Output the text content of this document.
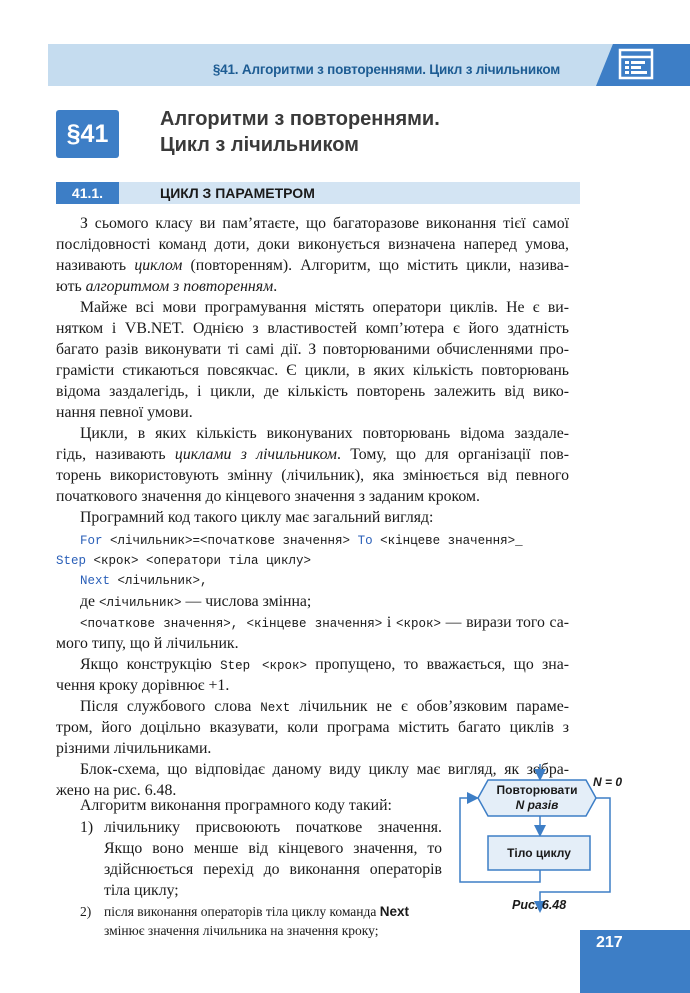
§41. Алгоритми з повтореннями. Цикл з лічильником
§41
Алгоритми з повтореннями.
Цикл з лічильником
41.1.	ЦИКЛ З ПАРАМЕТРОМ
З сьомого класу ви пам’ятаєте, що багаторазове виконання тієї самої
послідовності команд доти, доки виконується визначена наперед умова,
називають циклом (повторенням). Алгоритм, що містить цикли, назива-
ють алгоритмом з повторенням.
Майже всі мови програмування містять оператори циклів. Не є ви-
нятком і VB.NET. Однією з властивостей комп’ютера є його здатність
багато разів виконувати ті самі дії. З повторюваними обчисленнями про-
грамісти стикаються повсякчас. Є цикли, в яких кількість повторювань
відома заздалегідь, і цикли, де кількість повторень залежить від вико-
нання певної умови.
Цикли, в яких кількість виконуваних повторювань відома заздале-
гідь, називають циклами з лічильником. Тому, що для організації пов-
торень використовують змінну (лічильник), яка змінюється від певного
початкового значення до кінцевого значення з заданим кроком.
Програмний код такого циклу має загальний вигляд:
For <лічильник>=<початкове значення> To <кінцеве значення>_
Step <крок> <оператори тіла циклу>
Next <лічильник>,
де <лічильник> — числова змінна;
<початкове значення>, <кінцеве значення> і <крок> — вирази того са-
мого типу, що й лічильник.
Якщо конструкцію Step <крок> пропущено, то вважається, що зна-
чення кроку дорівнює +1.
Після службового слова Next лічильник не є обов’язковим параме-
тром, його доцільно вказувати, коли програма містить багато циклів з
різними лічильниками.
Блок-схема, що відповідає даному виду циклу має вигляд, як зобра-
жено на рис. 6.48.
Алгоритм виконання програмного коду такий:
1) лічильнику присвоюють початкове значення.
Якщо воно менше від кінцевого значення, то
здійснюється перехід до виконання операторів
тіла циклу;
2) після виконання операторів тіла циклу команда Next
змінює значення лічильника на значення кроку;
Повторювати
N разів
N = 0
Тіло циклу
Рис. 6.48
217
